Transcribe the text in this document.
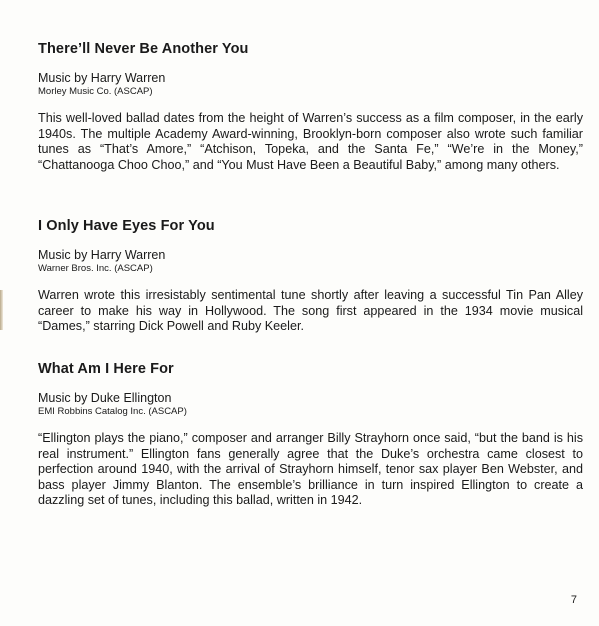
There’ll Never Be Another You

Music by Harry Warren

Morley Music Co. (ASCAP)

This well-loved ballad dates from the height of Warren’s success as a film composer, in the early 1940s. The multiple Academy Award-winning, Brooklyn-born composer also wrote such familiar tunes as “That’s Amore,” “Atchison, Topeka, and the Santa Fe,” “We’re in the Money,” “Chattanooga Choo Choo,” and “You Must Have Been a Beautiful Baby,” among many others.

I Only Have Eyes For You

Music by Harry Warren

Warner Bros. Inc. (ASCAP)

Warren wrote this irresistably sentimental tune shortly after leaving a successful Tin Pan Alley career to make his way in Hollywood. The song first appeared in the 1934 movie musical “Dames,” starring Dick Powell and Ruby Keeler.

What Am I Here For

Music by Duke Ellington

EMI Robbins Catalog Inc. (ASCAP)

“Ellington plays the piano,” composer and arranger Billy Strayhorn once said, “but the band is his real instrument.” Ellington fans generally agree that the Duke’s orchestra came closest to perfection around 1940, with the arrival of Strayhorn himself, tenor sax player Ben Webster, and bass player Jimmy Blanton. The ensemble’s brilliance in turn inspired Ellington to create a dazzling set of tunes, including this ballad, written in 1942.

7
